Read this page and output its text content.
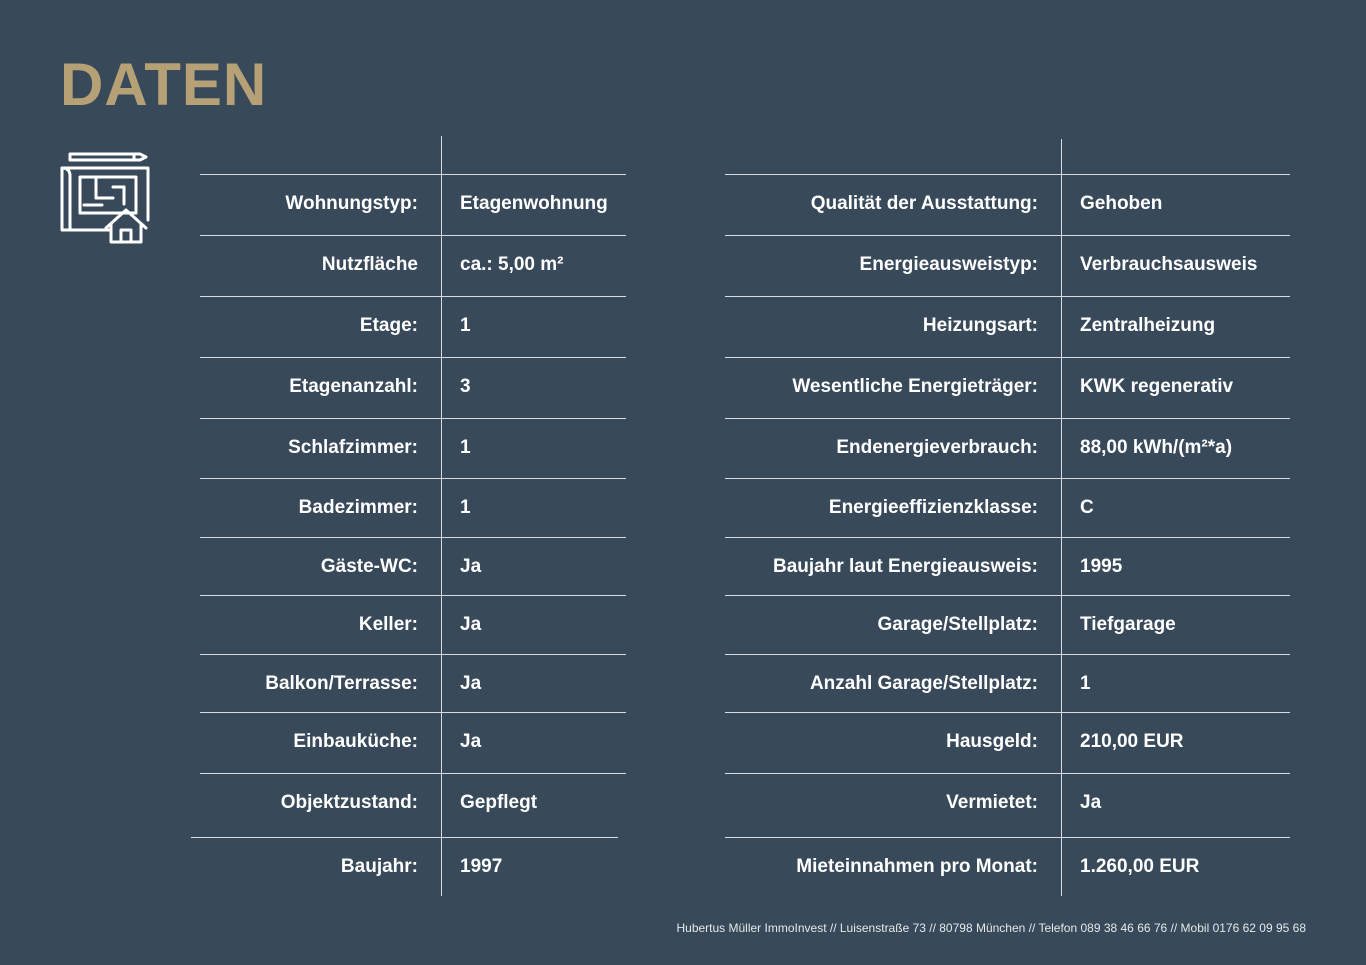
DATEN
Wohnungstyp: Etagenwohnung
Nutzfläche ca.: 5,00 m²
Etage: 1
Etagenanzahl: 3
Schlafzimmer: 1
Badezimmer: 1
Gäste-WC: Ja
Keller: Ja
Balkon/Terrasse: Ja
Einbauküche: Ja
Objektzustand: Gepflegt
Baujahr: 1997
Qualität der Ausstattung: Gehoben
Energieausweistyp: Verbrauchsausweis
Heizungsart: Zentralheizung
Wesentliche Energieträger: KWK regenerativ
Endenergieverbrauch: 88,00 kWh/(m²*a)
Energieeffizienzklasse: C
Baujahr laut Energieausweis: 1995
Garage/Stellplatz: Tiefgarage
Anzahl Garage/Stellplatz: 1
Hausgeld: 210,00 EUR
Vermietet: Ja
Mieteinnahmen pro Monat: 1.260,00 EUR
Hubertus Müller ImmoInvest // Luisenstraße 73 // 80798 München // Telefon 089 38 46 66 76 // Mobil 0176 62 09 95 68
